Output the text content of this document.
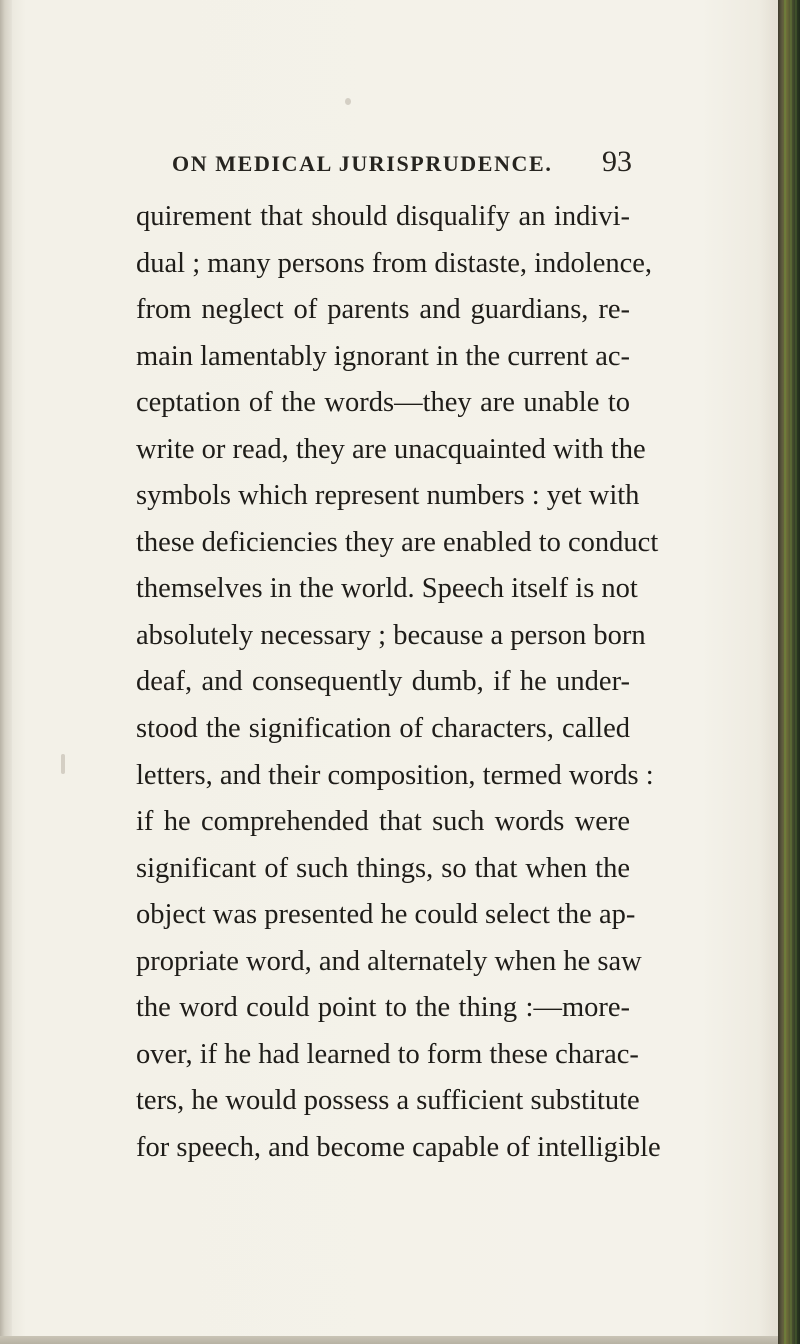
ON MEDICAL JURISPRUDENCE. 93
quirement that should disqualify an indivi-
dual ; many persons from distaste, indolence,
from neglect of parents and guardians, re-
main lamentably ignorant in the current ac-
ceptation of the words—they are unable to
write or read, they are unacquainted with the
symbols which represent numbers : yet with
these deficiencies they are enabled to conduct
themselves in the world. Speech itself is not
absolutely necessary ; because a person born
deaf, and consequently dumb, if he under-
stood the signification of characters, called
letters, and their composition, termed words :
if he comprehended that such words were
significant of such things, so that when the
object was presented he could select the ap-
propriate word, and alternately when he saw
the word could point to the thing :—more-
over, if he had learned to form these charac-
ters, he would possess a sufficient substitute
for speech, and become capable of intelligible
